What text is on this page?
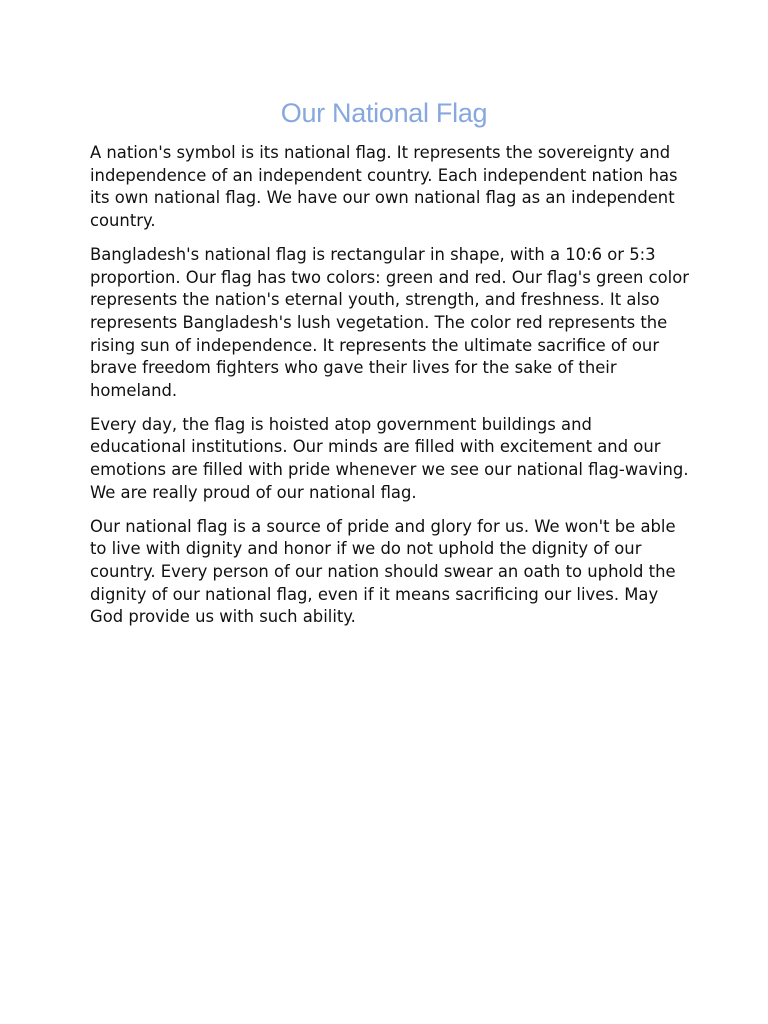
Our National Flag

A nation's symbol is its national flag. It represents the sovereignty and independence of an independent country. Each independent nation has its own national flag. We have our own national flag as an independent country.

Bangladesh's national flag is rectangular in shape, with a 10:6 or 5:3 proportion. Our flag has two colors: green and red. Our flag's green color represents the nation's eternal youth, strength, and freshness. It also represents Bangladesh's lush vegetation. The color red represents the rising sun of independence. It represents the ultimate sacrifice of our brave freedom fighters who gave their lives for the sake of their homeland.

Every day, the flag is hoisted atop government buildings and educational institutions. Our minds are filled with excitement and our emotions are filled with pride whenever we see our national flag-waving. We are really proud of our national flag.

Our national flag is a source of pride and glory for us. We won't be able to live with dignity and honor if we do not uphold the dignity of our country. Every person of our nation should swear an oath to uphold the dignity of our national flag, even if it means sacrificing our lives. May God provide us with such ability.
